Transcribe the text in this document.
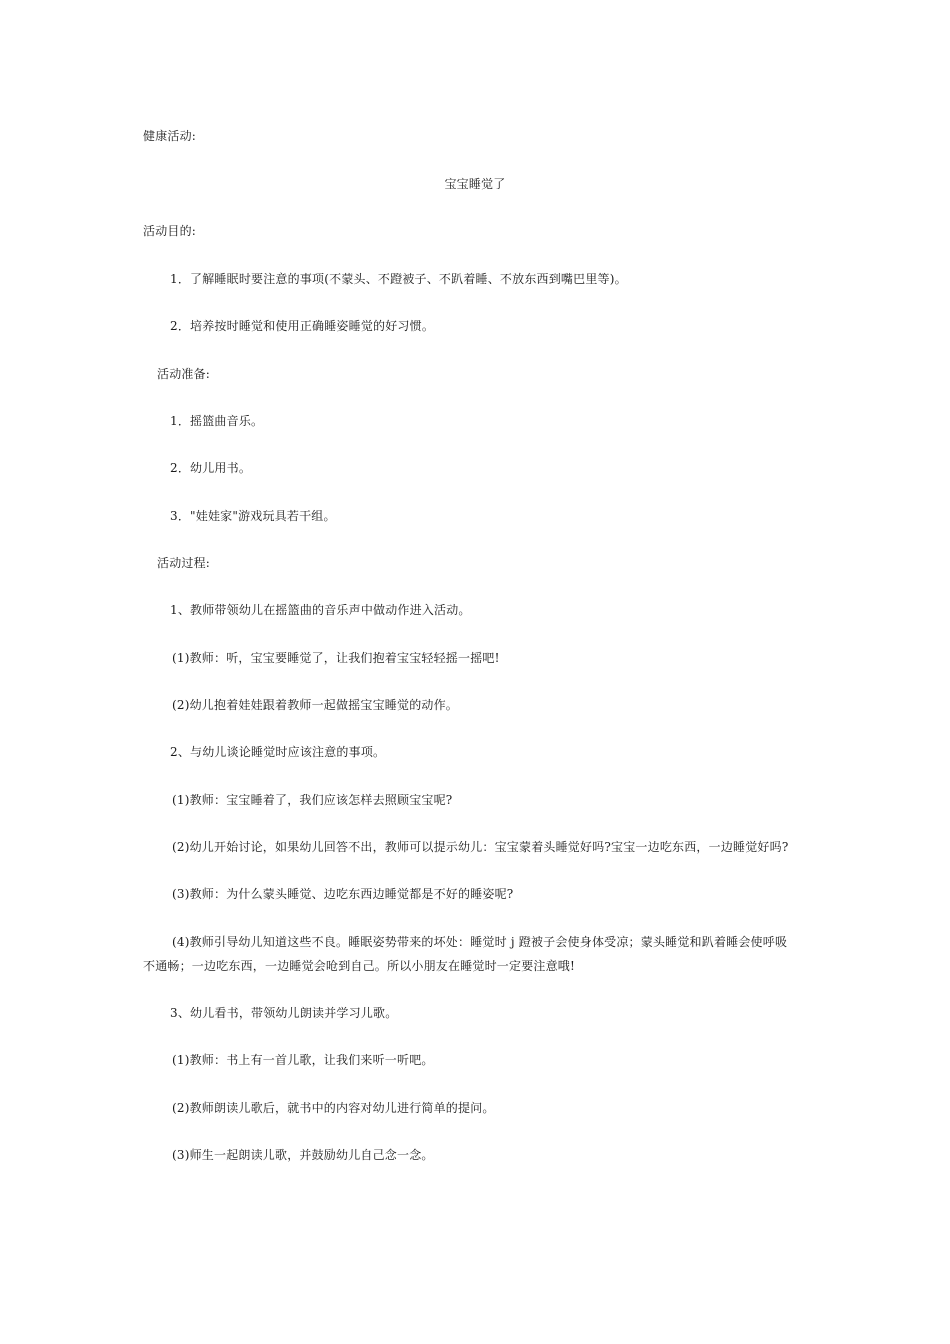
健康活动:
宝宝睡觉了
活动目的:
1．了解睡眠时要注意的事项(不蒙头、不蹬被子、不趴着睡、不放东西到嘴巴里等)。
2．培养按时睡觉和使用正确睡姿睡觉的好习惯。
活动准备:
1．摇篮曲音乐。
2．幼儿用书。
3．"娃娃家"游戏玩具若干组。
活动过程:
1、教师带领幼儿在摇篮曲的音乐声中做动作进入活动。
(1)教师：听，宝宝要睡觉了，让我们抱着宝宝轻轻摇一摇吧!
(2)幼儿抱着娃娃跟着教师一起做摇宝宝睡觉的动作。
2、与幼儿谈论睡觉时应该注意的事项。
(1)教师：宝宝睡着了，我们应该怎样去照顾宝宝呢?
(2)幼儿开始讨论，如果幼儿回答不出，教师可以提示幼儿：宝宝蒙着头睡觉好吗?宝宝一边吃东西，一边睡觉好吗?
(3)教师：为什么蒙头睡觉、边吃东西边睡觉都是不好的睡姿呢?
(4)教师引导幼儿知道这些不良。睡眠姿势带来的坏处：睡觉时 j 蹬被子会使身体受凉；蒙头睡觉和趴着睡会使呼吸
不通畅；一边吃东西，一边睡觉会呛到自己。所以小朋友在睡觉时一定要注意哦!
3、幼儿看书，带领幼儿朗读并学习儿歌。
(1)教师：书上有一首儿歌，让我们来听一听吧。
(2)教师朗读儿歌后，就书中的内容对幼儿进行简单的提问。
(3)师生一起朗读儿歌，并鼓励幼儿自己念一念。
